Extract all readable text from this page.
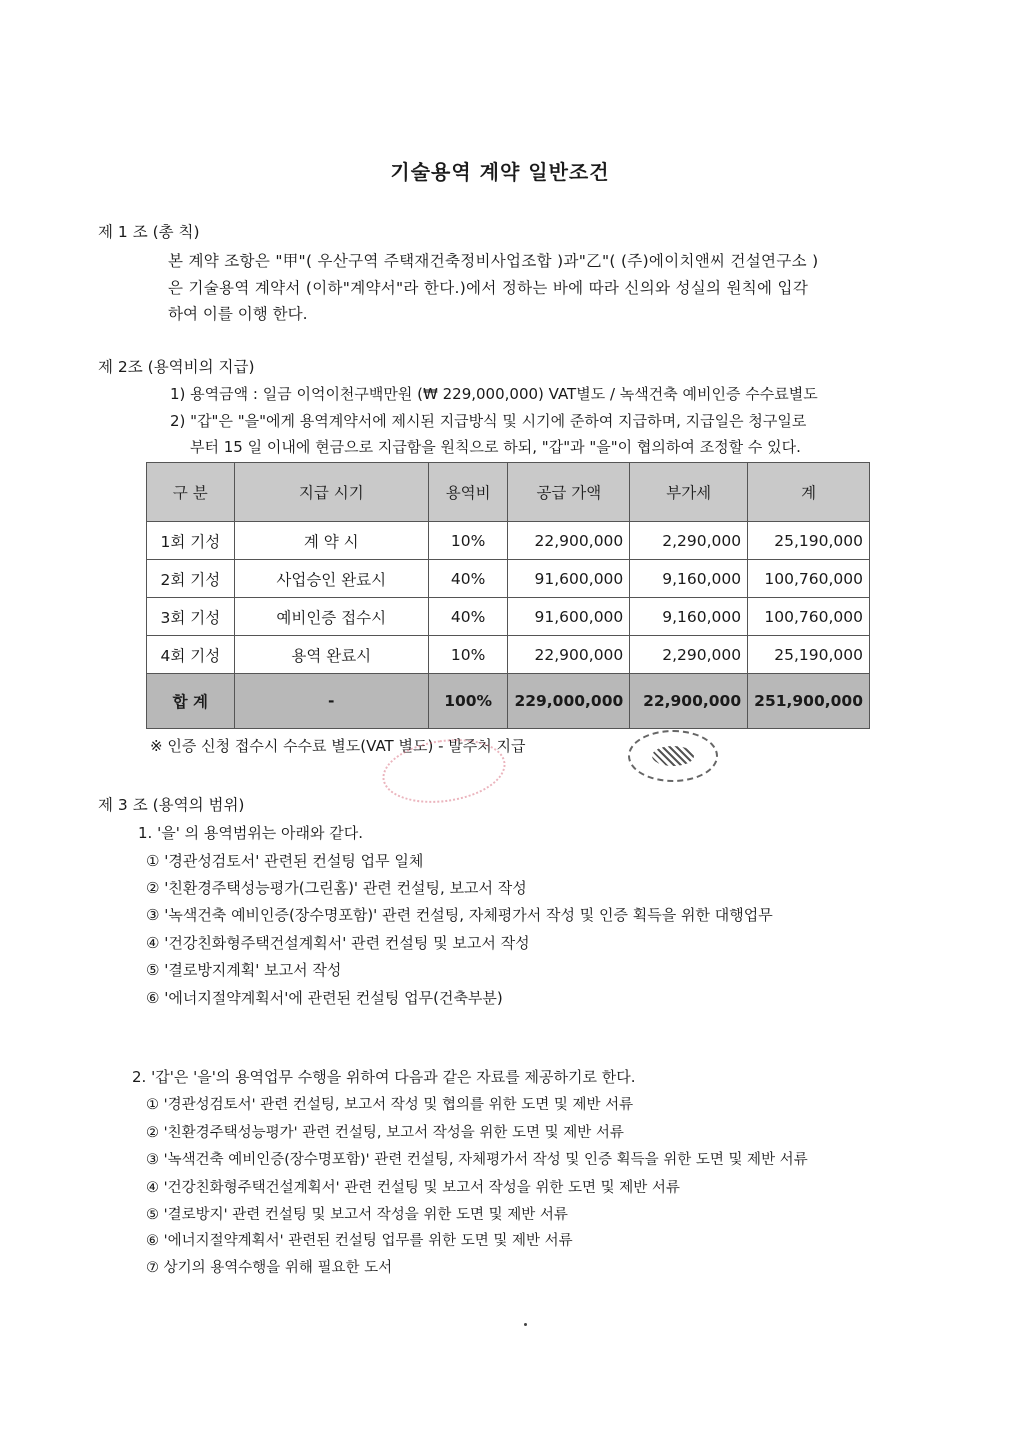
기술용역 계약 일반조건
제 1 조 (총 칙)
본 계약 조항은 "甲"( 우산구역 주택재건축정비사업조합 )과"乙"( (주)에이치앤씨 건설연구소 )
은 기술용역 계약서 (이하"계약서"라 한다.)에서 정하는 바에 따라 신의와 성실의 원칙에 입각
하여 이를 이행 한다.
제 2조 (용역비의 지급)
1) 용역금액 : 일금 이억이천구백만원 (₩ 229,000,000) VAT별도 / 녹색건축 예비인증 수수료별도
2) "갑"은 "을"에게 용역계약서에 제시된 지급방식 및 시기에 준하여 지급하며, 지급일은 청구일로
부터 15 일 이내에 현금으로 지급함을 원칙으로 하되, "갑"과 "을"이 협의하여 조정할 수 있다.
구 분	지급 시기	용역비	공급 가액	부가세	계
1회 기성	계 약 시	10%	22,900,000	2,290,000	25,190,000
2회 기성	사업승인 완료시	40%	91,600,000	9,160,000	100,760,000
3회 기성	예비인증 접수시	40%	91,600,000	9,160,000	100,760,000
4회 기성	용역 완료시	10%	22,900,000	2,290,000	25,190,000
합 계	-	100%	229,000,000	22,900,000	251,900,000
※ 인증 신청 접수시 수수료 별도(VAT 별도) - 발주처 지급
제 3 조 (용역의 범위)
1. '을' 의 용역범위는 아래와 같다.
① '경관성검토서' 관련된 컨설팅 업무 일체
② '친환경주택성능평가(그린홈)' 관련 컨설팅, 보고서 작성
③ '녹색건축 예비인증(장수명포함)' 관련 컨설팅, 자체평가서 작성 및 인증 획득을 위한 대행업무
④ '건강친화형주택건설계획서' 관련 컨설팅 및 보고서 작성
⑤ '결로방지계획' 보고서 작성
⑥ '에너지절약계획서'에 관련된 컨설팅 업무(건축부분)
2. '갑'은 '을'의 용역업무 수행을 위하여 다음과 같은 자료를 제공하기로 한다.
① '경관성검토서' 관련 컨설팅, 보고서 작성 및 협의를 위한 도면 및 제반 서류
② '친환경주택성능평가' 관련 컨설팅, 보고서 작성을 위한 도면 및 제반 서류
③ '녹색건축 예비인증(장수명포함)' 관련 컨설팅, 자체평가서 작성 및 인증 획득을 위한 도면 및 제반 서류
④ '건강친화형주택건설계획서' 관련 컨설팅 및 보고서 작성을 위한 도면 및 제반 서류
⑤ '결로방지' 관련 컨설팅 및 보고서 작성을 위한 도면 및 제반 서류
⑥ '에너지절약계획서' 관련된 컨설팅 업무를 위한 도면 및 제반 서류
⑦ 상기의 용역수행을 위해 필요한 도서
